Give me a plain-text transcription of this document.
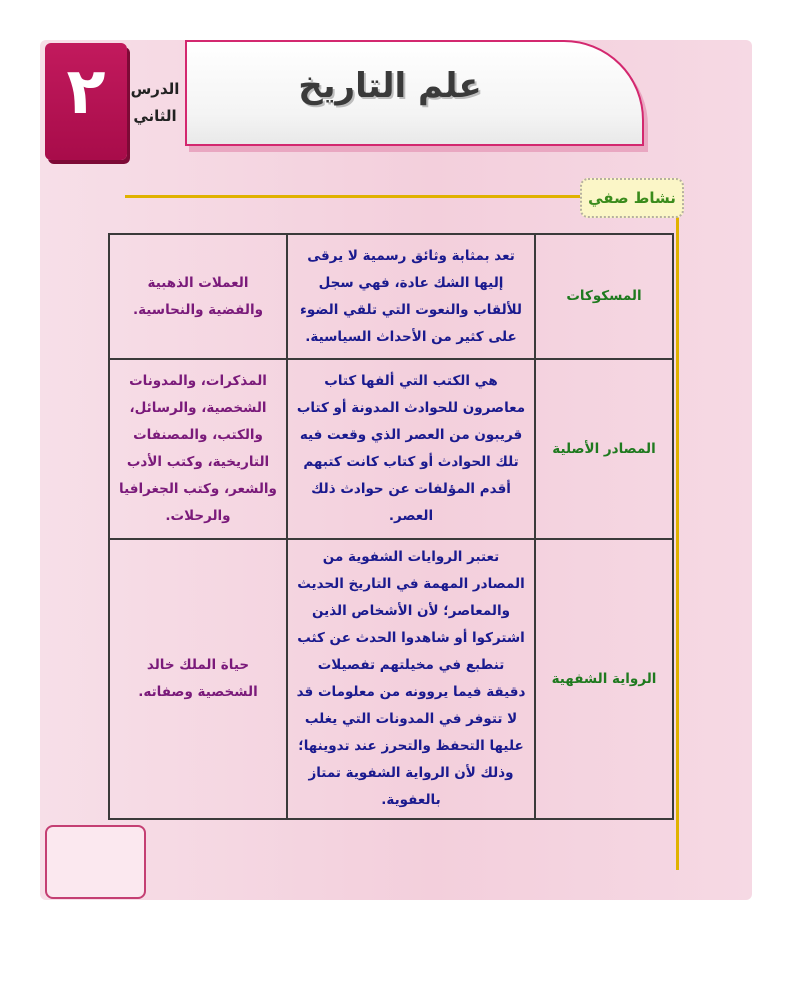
علم التاريخ
٢	الدرس
الثاني
نشاط صفي
المسكوكات	تعد بمثابة وثائق رسمية لا يرقى إليها الشك عادة، فهي سجل للألقاب والنعوت التي تلقي الضوء على كثير من الأحداث السياسية.	العملات الذهبية والفضية والنحاسية.
المصادر الأصلية	هي الكتب التي ألفها كتاب معاصرون للحوادث المدونة أو كتاب قريبون من العصر الذي وقعت فيه تلك الحوادث أو كتاب كانت كتبهم أقدم المؤلفات عن حوادث ذلك العصر.	المذكرات، والمدونات الشخصية، والرسائل، والكتب، والمصنفات التاريخية، وكتب الأدب والشعر، وكتب الجغرافيا والرحلات.
الرواية الشفهية	تعتبر الروايات الشفوية من المصادر المهمة في التاريخ الحديث والمعاصر؛ لأن الأشخاص الذين اشتركوا أو شاهدوا الحدث عن كثب تنطبع في مخيلتهم تفصيلات دقيقة فيما يروونه من معلومات قد لا تتوفر في المدونات التي يغلب عليها التحفظ والتحرز عند تدوينها؛ وذلك لأن الرواية الشفوية تمتاز بالعفوية.	حياة الملك خالد الشخصية وصفاته.
